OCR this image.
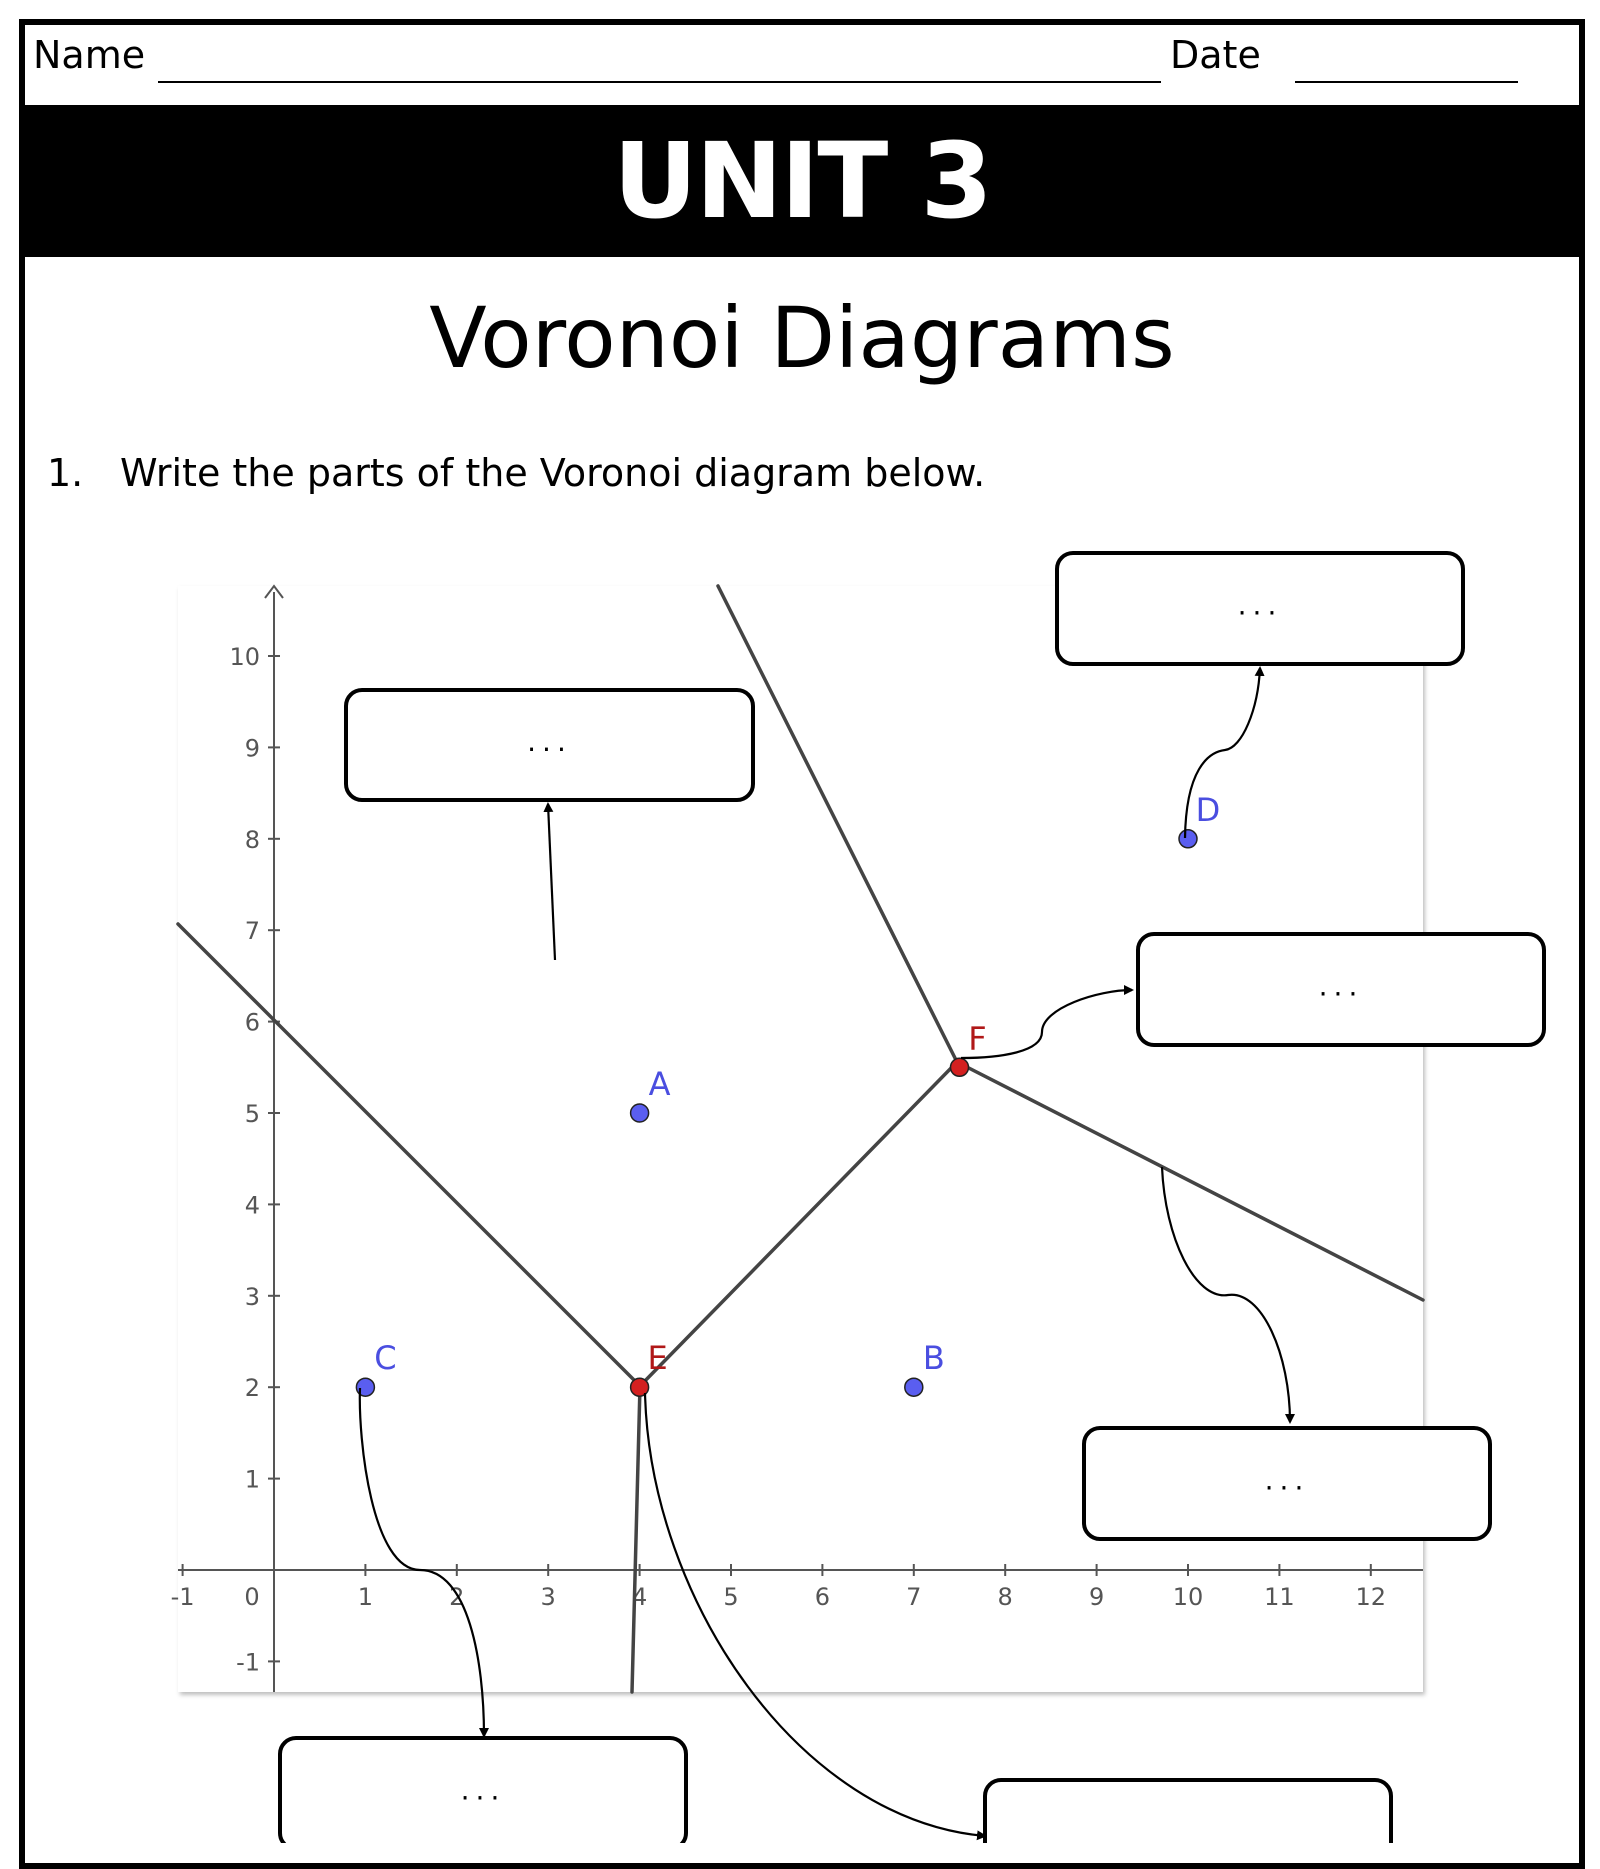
Name	Date
UNIT 3
Voronoi Diagrams
1. Write the parts of the Voronoi diagram below.
-1 0	1	2	3	4	5	6	7	8	9	10	11	12
10
9
8
7
6
5
4
3
2
1
-1
A
B
C
D
E
F
...
...
...
...
...
